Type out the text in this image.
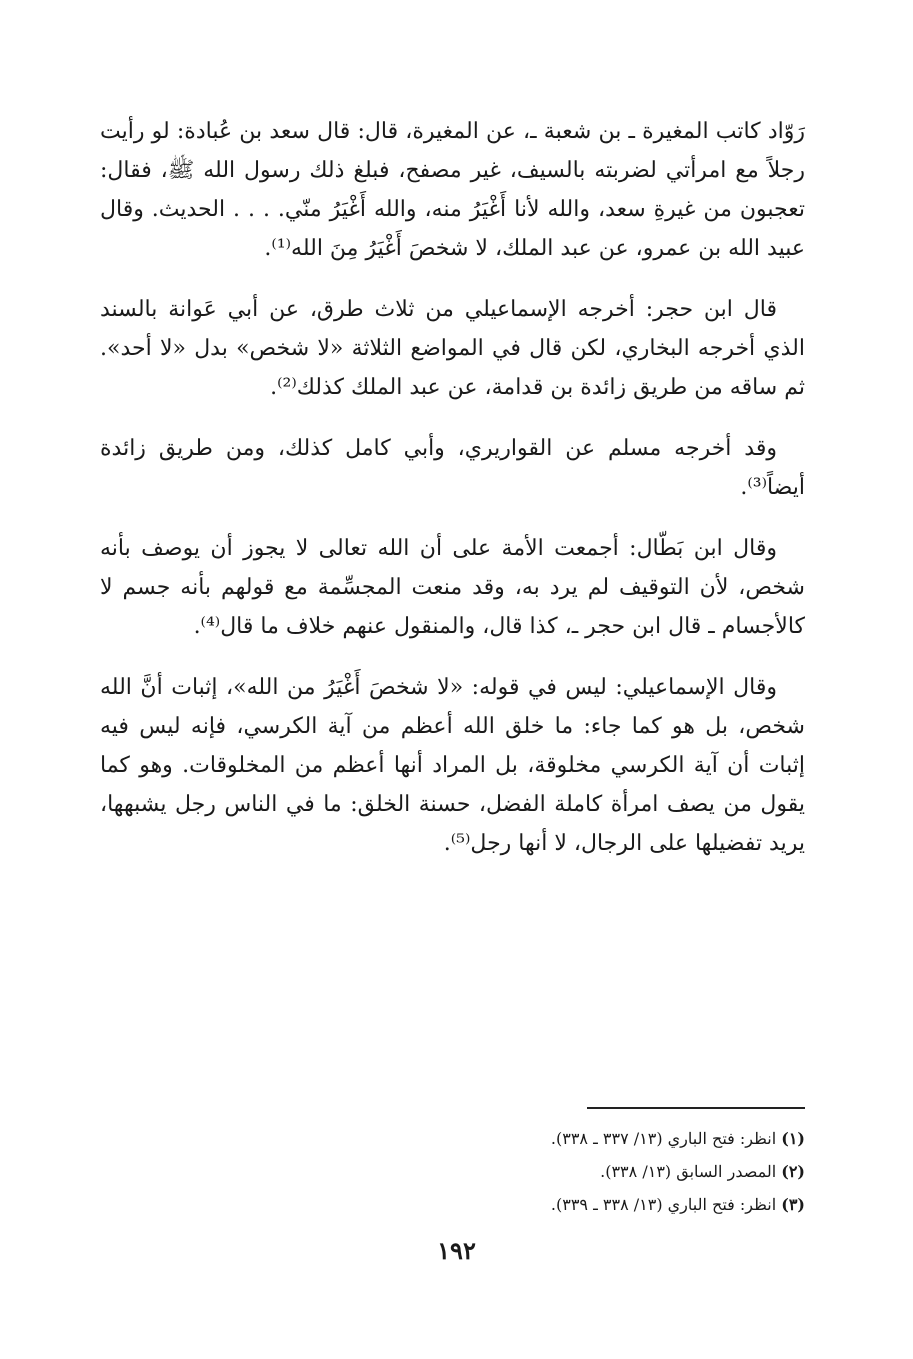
رَوّاد كاتب المغيرة ـ بن شعبة ـ، عن المغيرة، قال: قال سعد بن عُبادة: لو رأيت رجلاً مع امرأتي لضربته بالسيف، غير مصفح، فبلغ ذلك رسول الله ﷺ، فقال: تعجبون من غيرةِ سعد، والله لأنا أَغْيَرُ منه، والله أَغْيَرُ منّي. . . . الحديث. وقال عبيد الله بن عمرو، عن عبد الملك، لا شخصَ أَغْيَرُ مِنَ الله⁽¹⁾.

قال ابن حجر: أخرجه الإسماعيلي من ثلاث طرق، عن أبي عَوانة بالسند الذي أخرجه البخاري، لكن قال في المواضع الثلاثة «لا شخص» بدل «لا أحد». ثم ساقه من طريق زائدة بن قدامة، عن عبد الملك كذلك⁽²⁾.

وقد أخرجه مسلم عن القواريري، وأبي كامل كذلك، ومن طريق زائدة أيضاً⁽³⁾.

وقال ابن بَطّال: أجمعت الأمة على أن الله تعالى لا يجوز أن يوصف بأنه شخص، لأن التوقيف لم يرد به، وقد منعت المجسِّمة مع قولهم بأنه جسم لا كالأجسام ـ قال ابن حجر ـ، كذا قال، والمنقول عنهم خلاف ما قال⁽⁴⁾.

وقال الإسماعيلي: ليس في قوله: «لا شخصَ أَغْيَرُ من الله»، إثبات أنَّ الله شخص، بل هو كما جاء: ما خلق الله أعظم من آية الكرسي، فإنه ليس فيه إثبات أن آية الكرسي مخلوقة، بل المراد أنها أعظم من المخلوقات. وهو كما يقول من يصف امرأة كاملة الفضل، حسنة الخلق: ما في الناس رجل يشبهها، يريد تفضيلها على الرجال، لا أنها رجل⁽⁵⁾.

(١) انظر: فتح الباري (١٣/ ٣٣٧ ـ ٣٣٨).
(٢) المصدر السابق (١٣/ ٣٣٨).
(٣) انظر: فتح الباري (١٣/ ٣٣٨ ـ ٣٣٩).
١٩٢
